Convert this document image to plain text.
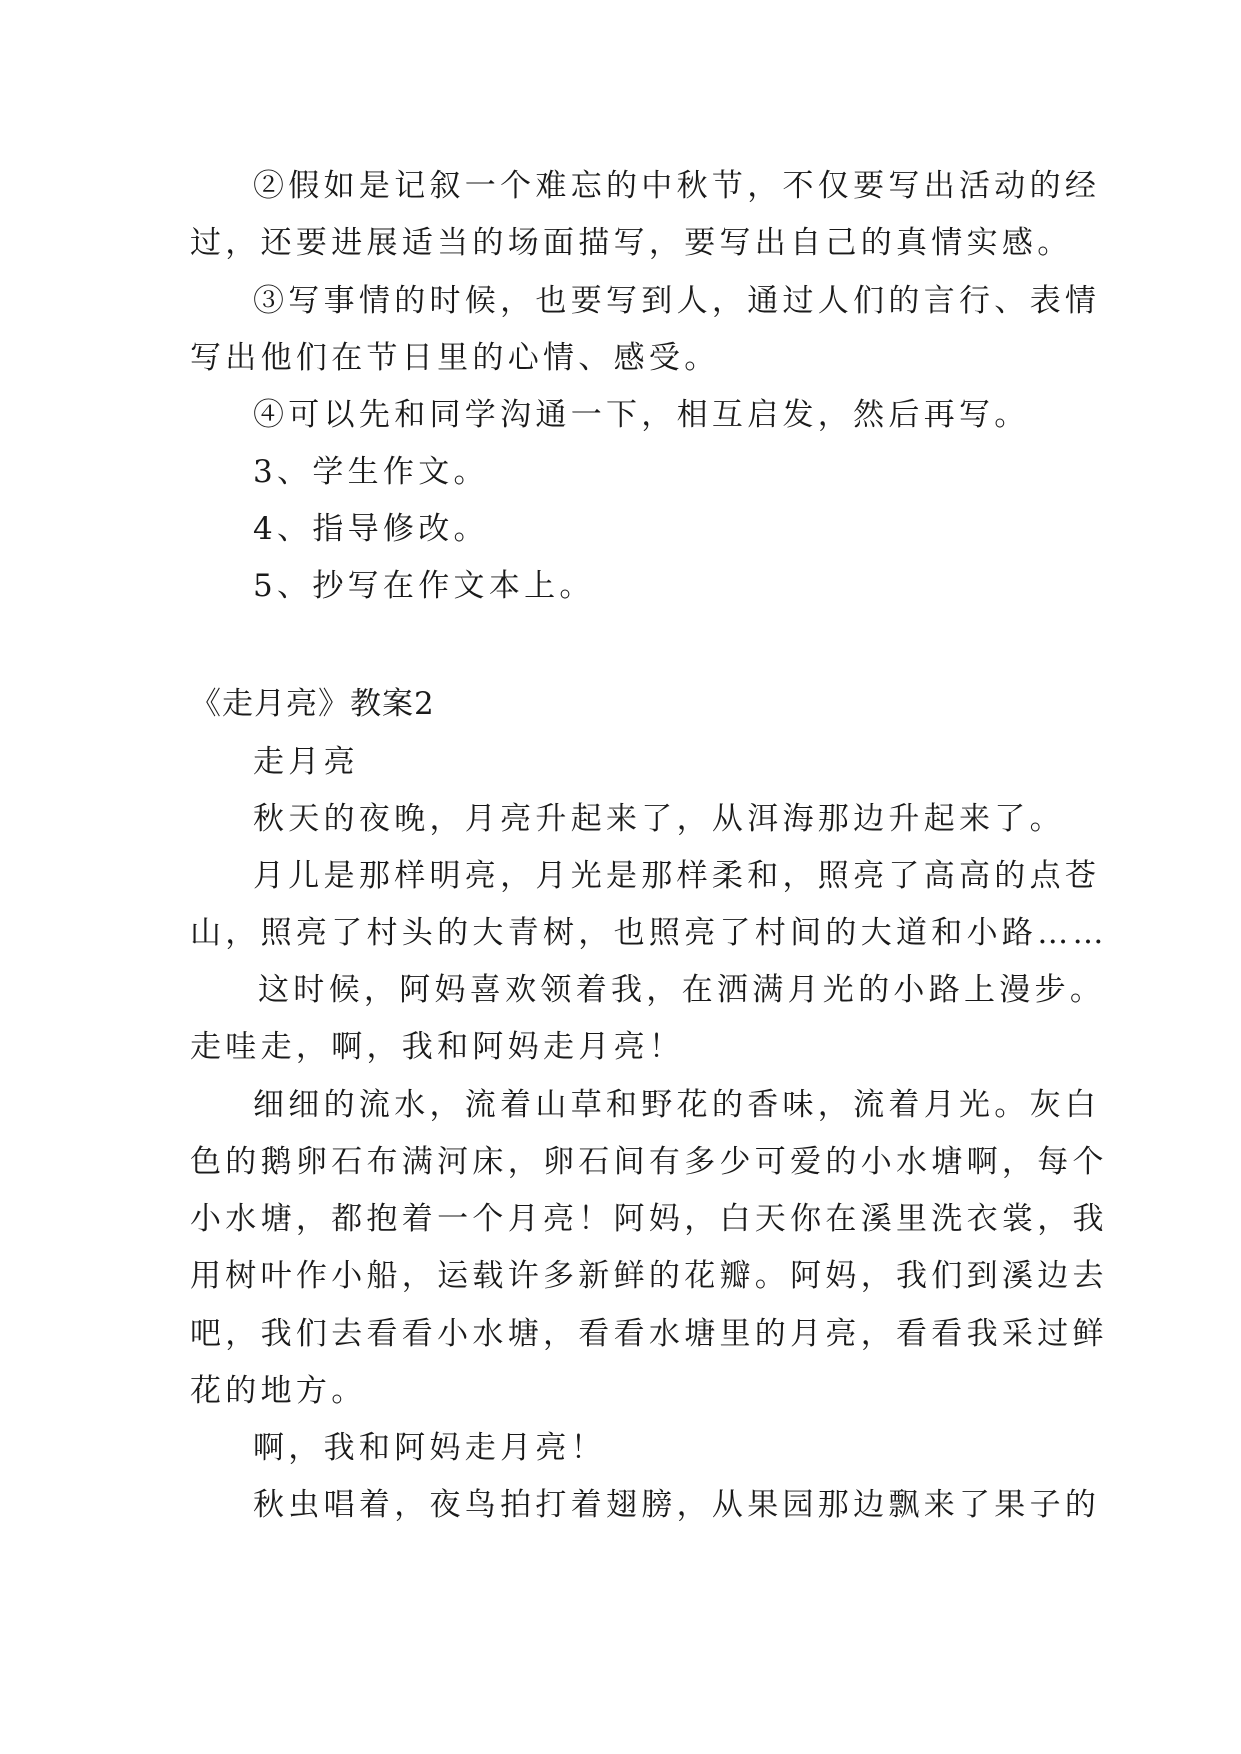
②假如是记叙一个难忘的中秋节，不仅要写出活动的经
过，还要进展适当的场面描写，要写出自己的真情实感。
③写事情的时候，也要写到人，通过人们的言行、表情
写出他们在节日里的心情、感受。
④可以先和同学沟通一下，相互启发，然后再写。
3、学生作文。
4、指导修改。
5、抄写在作文本上。
《走月亮》教案2
走月亮
秋天的夜晚，月亮升起来了，从洱海那边升起来了。
月儿是那样明亮，月光是那样柔和，照亮了高高的点苍
山，照亮了村头的大青树，也照亮了村间的大道和小路……
这时候，阿妈喜欢领着我，在洒满月光的小路上漫步。
走哇走，啊，我和阿妈走月亮！
细细的流水，流着山草和野花的香味，流着月光。灰白
色的鹅卵石布满河床，卵石间有多少可爱的小水塘啊，每个
小水塘，都抱着一个月亮！阿妈，白天你在溪里洗衣裳，我
用树叶作小船，运载许多新鲜的花瓣。阿妈，我们到溪边去
吧，我们去看看小水塘，看看水塘里的月亮，看看我采过鲜
花的地方。
啊，我和阿妈走月亮！
秋虫唱着，夜鸟拍打着翅膀，从果园那边飘来了果子的
